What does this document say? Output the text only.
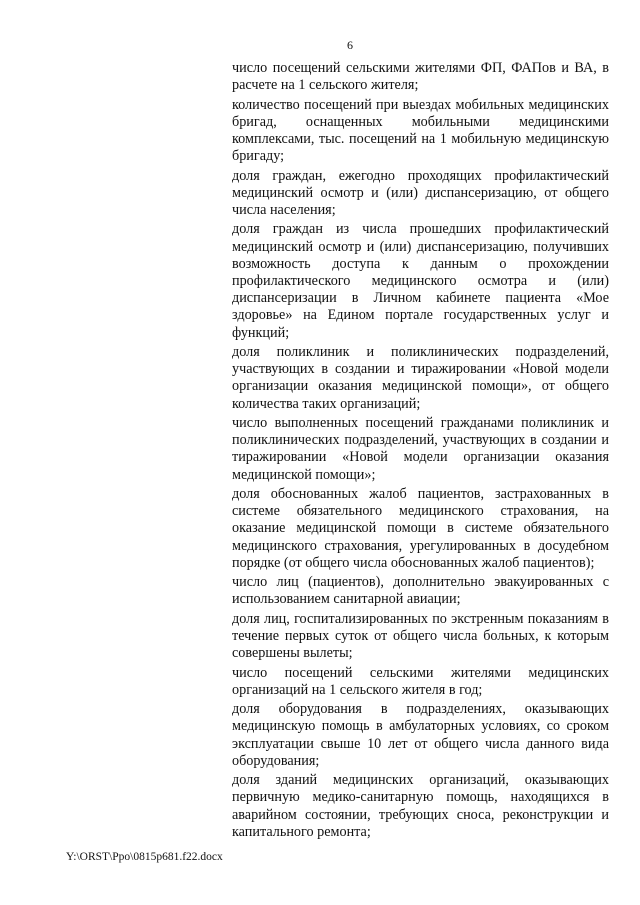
6

число посещений сельскими жителями ФП, ФАПов и ВА, в расчете на 1 сельского жителя;

количество посещений при выездах мобильных медицинских бригад, оснащенных мобильными медицинскими комплексами, тыс. посещений на 1 мобильную медицинскую бригаду;

доля граждан, ежегодно проходящих профилактический медицинский осмотр и (или) диспансеризацию, от общего числа населения;

доля граждан из числа прошедших профилактический медицинский осмотр и (или) диспансеризацию, получивших возможность доступа к данным о прохождении профилактического медицинского осмотра и (или) диспансеризации в Личном кабинете пациента «Мое здоровье» на Едином портале государственных услуг и функций;

доля поликлиник и поликлинических подразделений, участвующих в создании и тиражировании «Новой модели организации оказания медицинской помощи», от общего количества таких организаций;

число выполненных посещений гражданами поликлиник и поликлинических подразделений, участвующих в создании и тиражировании «Новой модели организации оказания медицинской помощи»;

доля обоснованных жалоб пациентов, застрахованных в системе обязательного медицинского страхования, на оказание медицинской помощи в системе обязательного медицинского страхования, урегулированных в досудебном порядке (от общего числа обоснованных жалоб пациентов);

число лиц (пациентов), дополнительно эвакуированных с использованием санитарной авиации;

доля лиц, госпитализированных по экстренным показаниям в течение первых суток от общего числа больных, к которым совершены вылеты;

число посещений сельскими жителями медицинских организаций на 1 сельского жителя в год;

доля оборудования в подразделениях, оказывающих медицинскую помощь в амбулаторных условиях, со сроком эксплуатации свыше 10 лет от общего числа данного вида оборудования;

доля зданий медицинских организаций, оказывающих первичную медико-санитарную помощь, находящихся в аварийном состоянии, требующих сноса, реконструкции и капитального ремонта;

Y:\ORST\Ppo\0815p681.f22.docx
